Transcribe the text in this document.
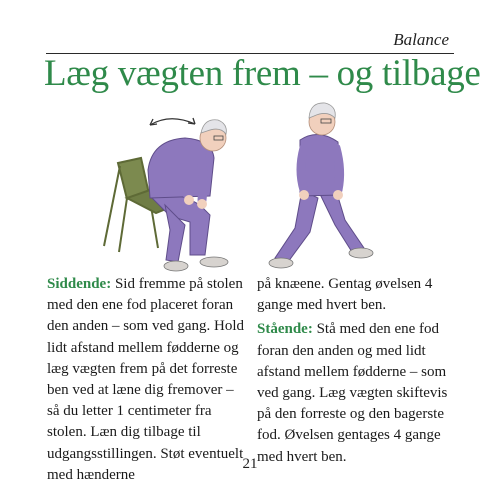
Balance
Læg vægten frem – og tilbage

Siddende: Sid fremme på stolen med den ene fod placeret foran den anden – som ved gang. Hold lidt afstand mellem fødderne og læg vægten frem på det forreste ben ved at læne dig fremover – så du letter 1 centimeter fra stolen. Læn dig tilbage til udgangsstillingen. Støt eventuelt med hænderne

på knæene. Gentag øvelsen 4 gange med hvert ben.

Stående: Stå med den ene fod foran den anden og med lidt afstand mellem fødderne – som ved gang. Læg vægten skiftevis på den forreste og den bagerste fod. Øvelsen gentages 4 gange med hvert ben.

21
